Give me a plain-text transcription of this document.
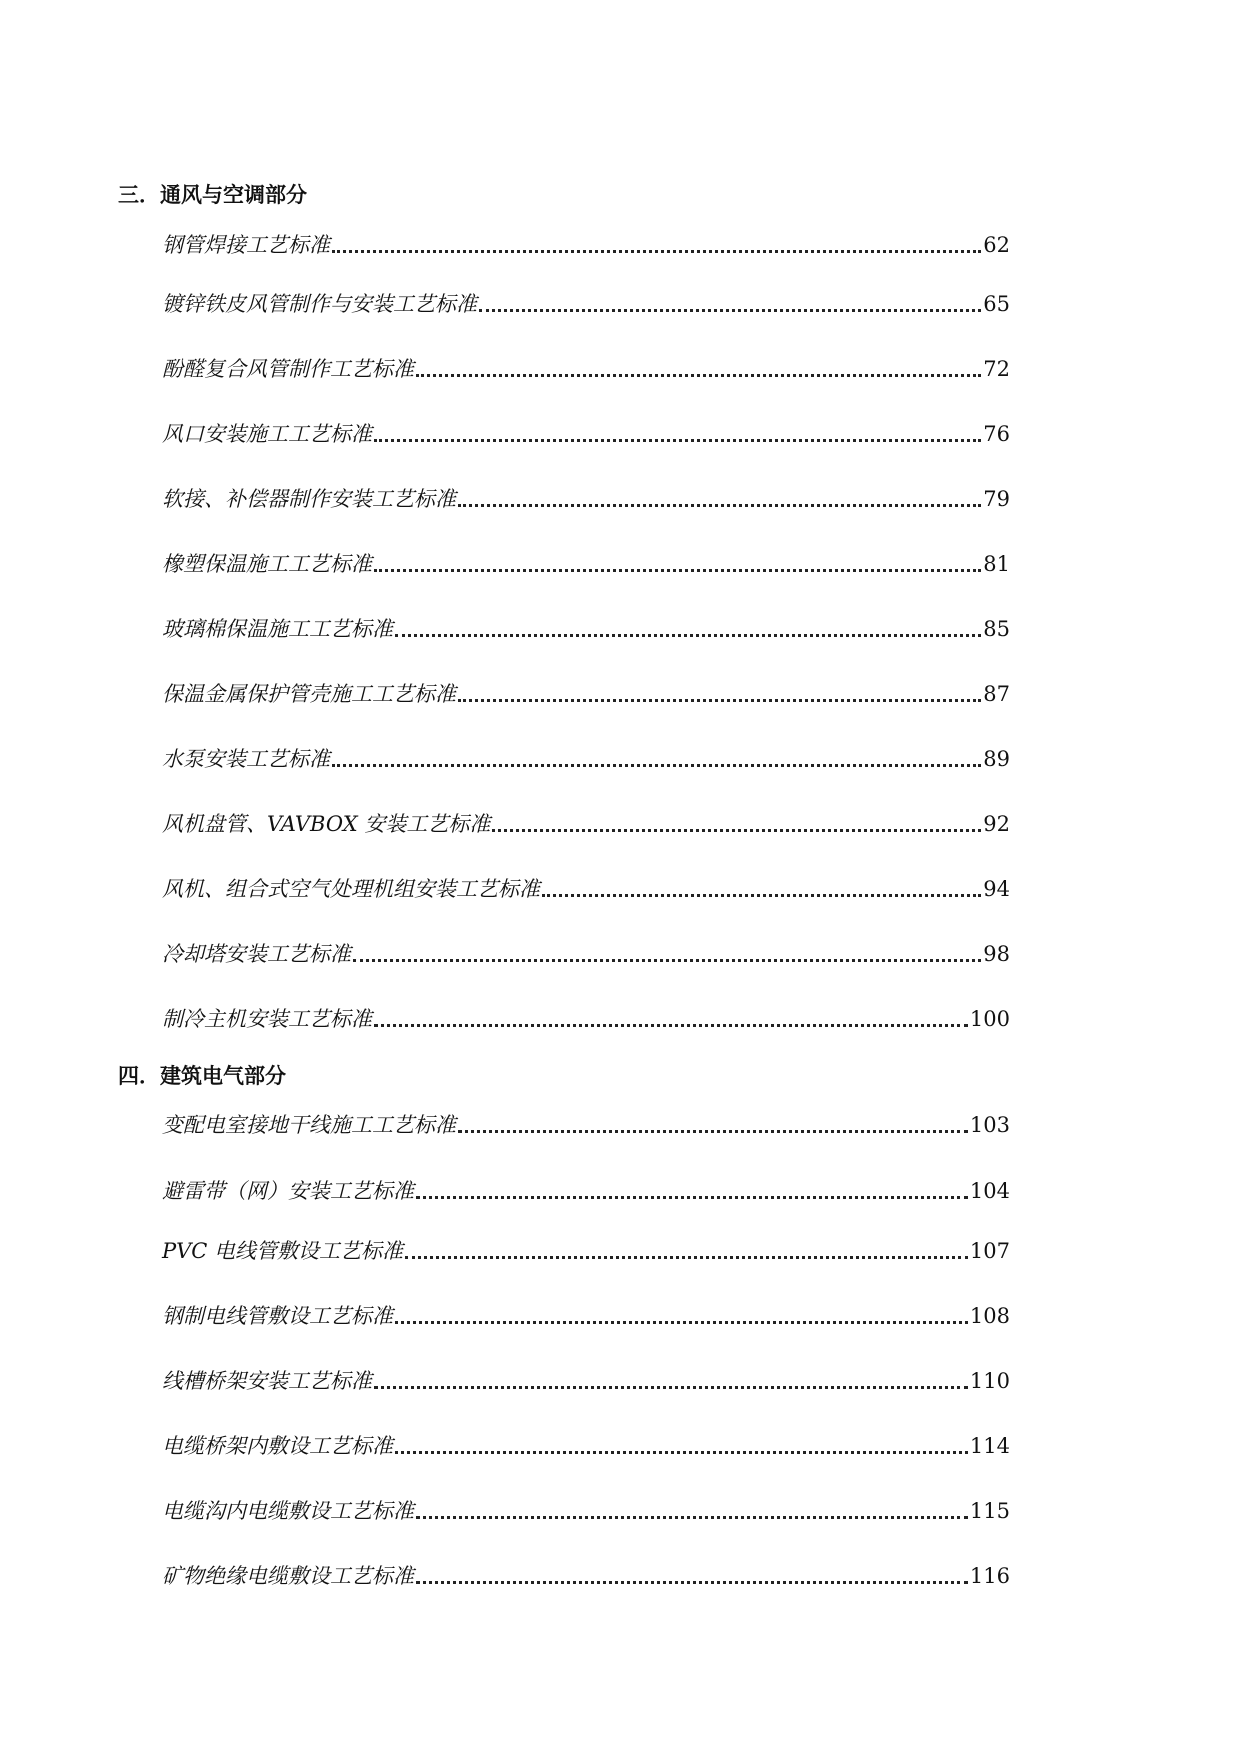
三．通风与空调部分
钢管焊接工艺标准	62
镀锌铁皮风管制作与安装工艺标准	65
酚醛复合风管制作工艺标准	72
风口安装施工工艺标准	76
软接、补偿器制作安装工艺标准	79
橡塑保温施工工艺标准	81
玻璃棉保温施工工艺标准	85
保温金属保护管壳施工工艺标准	87
水泵安装工艺标准	89
风机盘管、VAVBOX 安装工艺标准	92
风机、组合式空气处理机组安装工艺标准	94
冷却塔安装工艺标准	98
制冷主机安装工艺标准	100
四．建筑电气部分
变配电室接地干线施工工艺标准	103
避雷带（网）安装工艺标准	104
PVC 电线管敷设工艺标准	107
钢制电线管敷设工艺标准	108
线槽桥架安装工艺标准	110
电缆桥架内敷设工艺标准	114
电缆沟内电缆敷设工艺标准	115
矿物绝缘电缆敷设工艺标准	116
